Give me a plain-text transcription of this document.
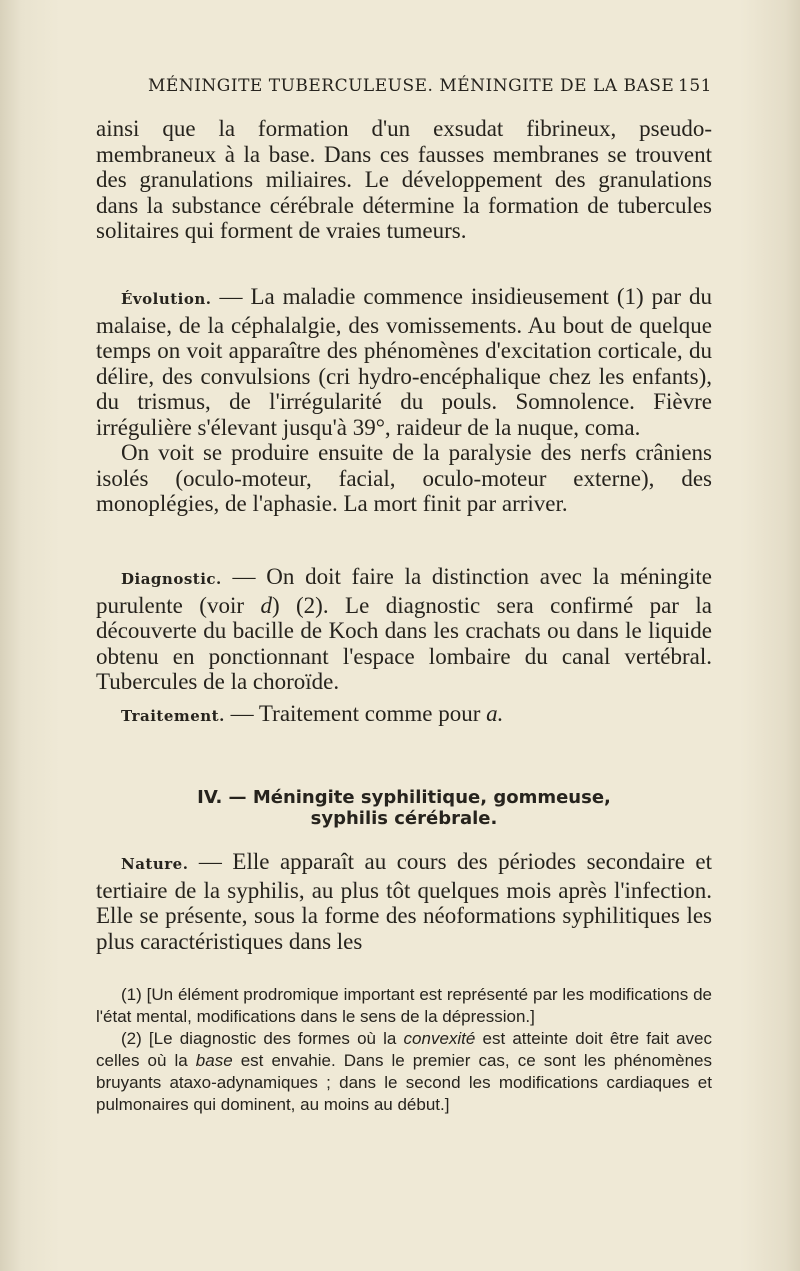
MÉNINGITE TUBERCULEUSE. MÉNINGITE DE LA BASE 151

ainsi que la formation d'un exsudat fibrineux, pseudo-membraneux à la base. Dans ces fausses membranes se trouvent des granulations miliaires. Le développement des granulations dans la substance cérébrale détermine la formation de tubercules solitaires qui forment de vraies tumeurs.

Évolution. — La maladie commence insidieusement (1) par du malaise, de la céphalalgie, des vomissements. Au bout de quelque temps on voit apparaître des phénomènes d'excitation corticale, du délire, des convulsions (cri hydro-encéphalique chez les enfants), du trismus, de l'irrégularité du pouls. Somnolence. Fièvre irrégulière s'élevant jusqu'à 39°, raideur de la nuque, coma.

On voit se produire ensuite de la paralysie des nerfs crâniens isolés (oculo-moteur, facial, oculo-moteur externe), des monoplégies, de l'aphasie. La mort finit par arriver.

Diagnostic. — On doit faire la distinction avec la méningite purulente (voir d) (2). Le diagnostic sera confirmé par la découverte du bacille de Koch dans les crachats ou dans le liquide obtenu en ponctionnant l'espace lombaire du canal vertébral. Tubercules de la choroïde.

Traitement. — Traitement comme pour a.

IV. — Méningite syphilitique, gommeuse,
syphilis cérébrale.

Nature. — Elle apparaît au cours des périodes secondaire et tertiaire de la syphilis, au plus tôt quelques mois après l'infection. Elle se présente, sous la forme des néoformations syphilitiques les plus caractéristiques dans les

(1) [Un élément prodromique important est représenté par les modifications de l'état mental, modifications dans le sens de la dépression.]

(2) [Le diagnostic des formes où la convexité est atteinte doit être fait avec celles où la base est envahie. Dans le premier cas, ce sont les phénomènes bruyants ataxo-adynamiques ; dans le second les modifications cardiaques et pulmonaires qui dominent, au moins au début.]
